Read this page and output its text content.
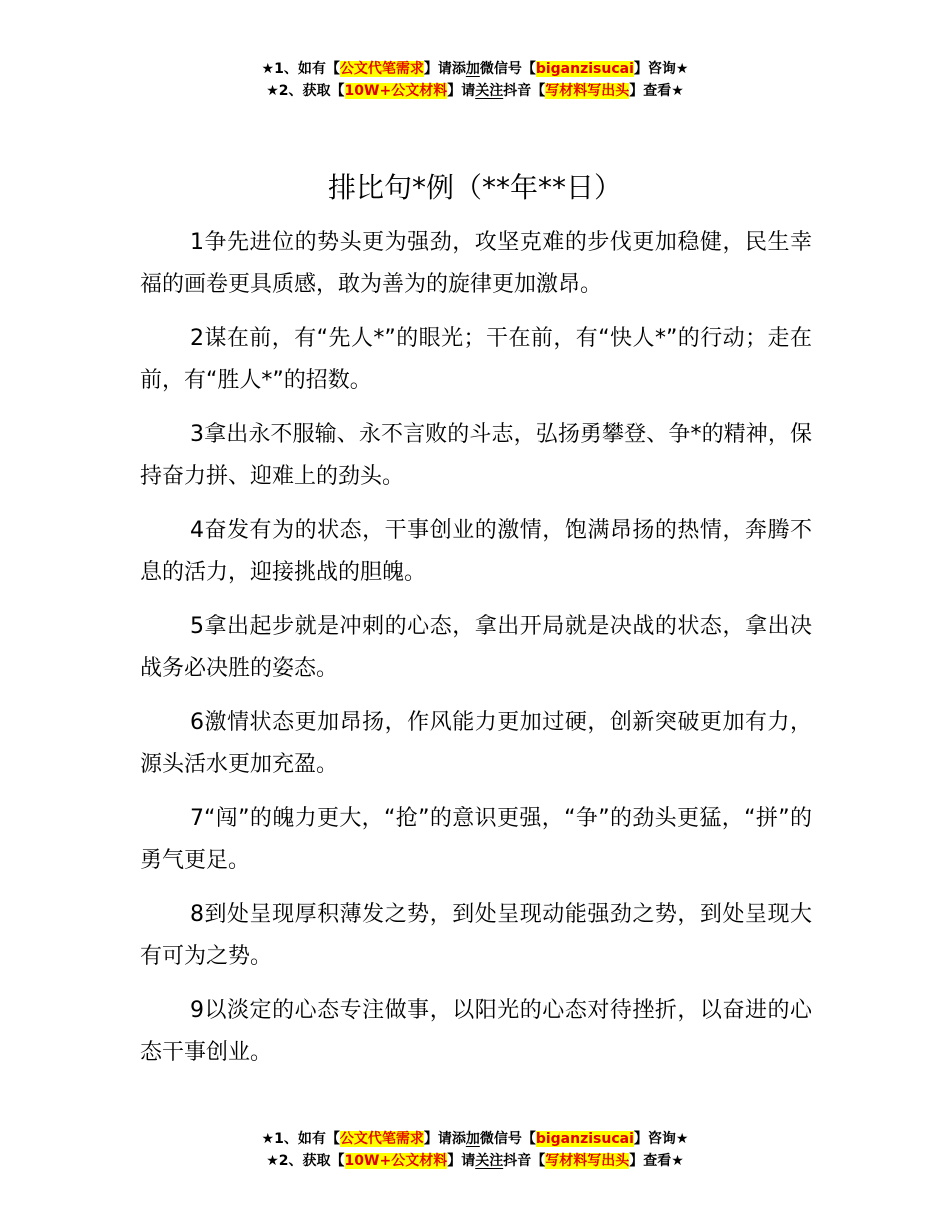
★1、如有【公文代笔需求】请添加微信号【biganzisucai】咨询★
★2、获取【10W+公文材料】请关注抖音【写材料写出头】查看★
排比句*例（**年**日）

1争先进位的势头更为强劲，攻坚克难的步伐更加稳健，民生幸福的画卷更具质感，敢为善为的旋律更加激昂。

2谋在前，有“先人*”的眼光；干在前，有“快人*”的行动；走在前，有“胜人*”的招数。

3拿出永不服输、永不言败的斗志，弘扬勇攀登、争*的精神，保持奋力拼、迎难上的劲头。

4奋发有为的状态，干事创业的激情，饱满昂扬的热情，奔腾不息的活力，迎接挑战的胆魄。

5拿出起步就是冲刺的心态，拿出开局就是决战的状态，拿出决战务必决胜的姿态。

6激情状态更加昂扬，作风能力更加过硬，创新突破更加有力，源头活水更加充盈。

7“闯”的魄力更大，“抢”的意识更强，“争”的劲头更猛，“拼”的勇气更足。

8到处呈现厚积薄发之势，到处呈现动能强劲之势，到处呈现大有可为之势。

9以淡定的心态专注做事，以阳光的心态对待挫折，以奋进的心态干事创业。

★1、如有【公文代笔需求】请添加微信号【biganzisucai】咨询★
★2、获取【10W+公文材料】请关注抖音【写材料写出头】查看★
